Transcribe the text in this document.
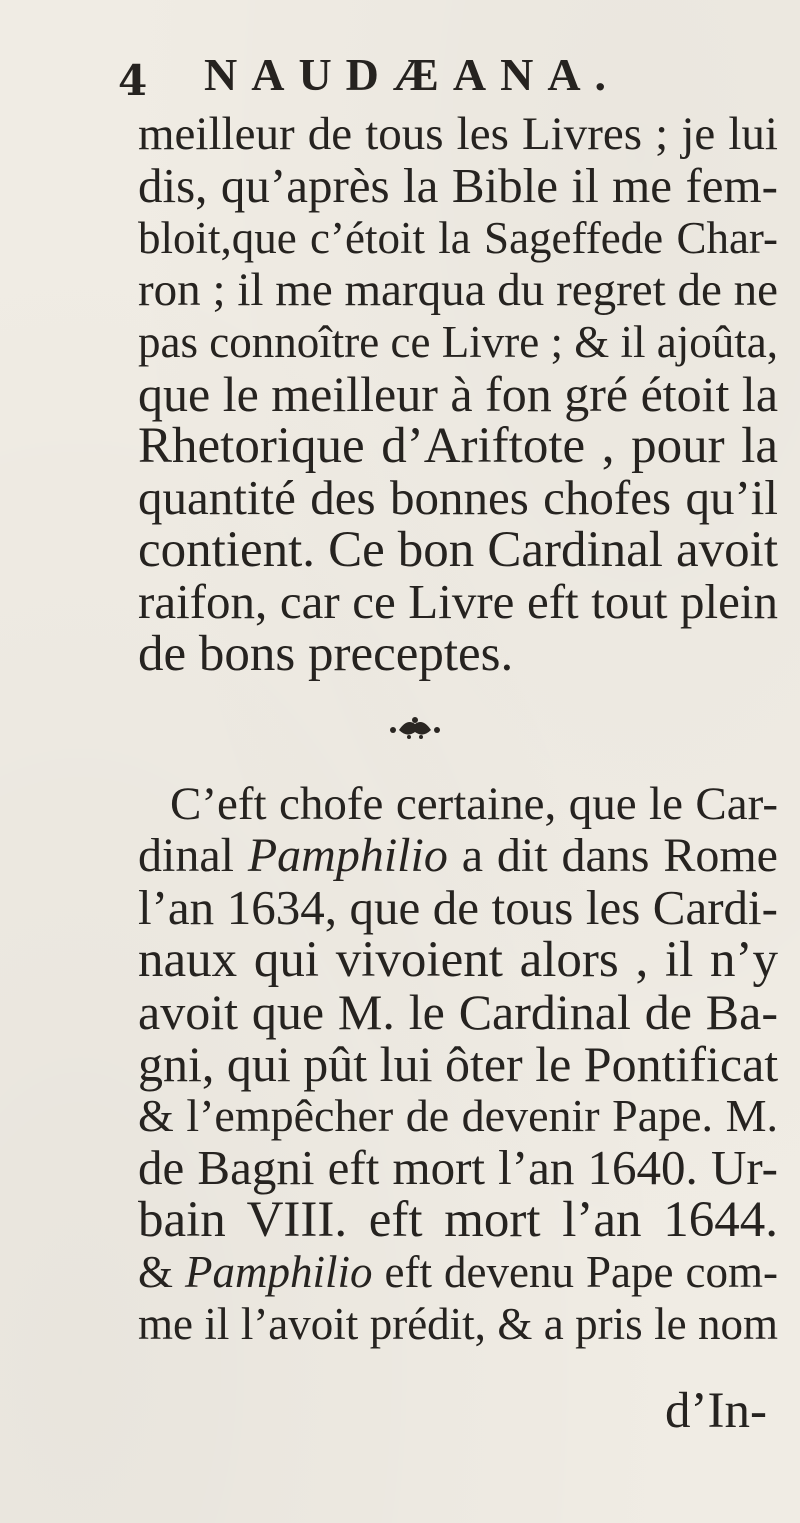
4 NAUDÆANA.
meilleur de tous les Livres ; je lui
dis, qu’après la Bible il me fem-
bloit,que c’étoit la Sageffede Char-
ron ; il me marqua du regret de ne
pas connoître ce Livre ; & il ajoûta,
que le meilleur à fon gré étoit la
Rhetorique d’Ariftote , pour la
quantité des bonnes chofes qu’il
contient. Ce bon Cardinal avoit
raifon, car ce Livre eft tout plein
de bons preceptes.
C’eft chofe certaine, que le Car-
dinal Pamphilio a dit dans Rome
l’an 1634, que de tous les Cardi-
naux qui vivoient alors , il n’y
avoit que M. le Cardinal de Ba-
gni, qui pût lui ôter le Pontificat
& l’empêcher de devenir Pape. M.
de Bagni eft mort l’an 1640. Ur-
bain VIII. eft mort l’an 1644.
& Pamphilio eft devenu Pape com-
me il l’avoit prédit, & a pris le nom
d’In-
